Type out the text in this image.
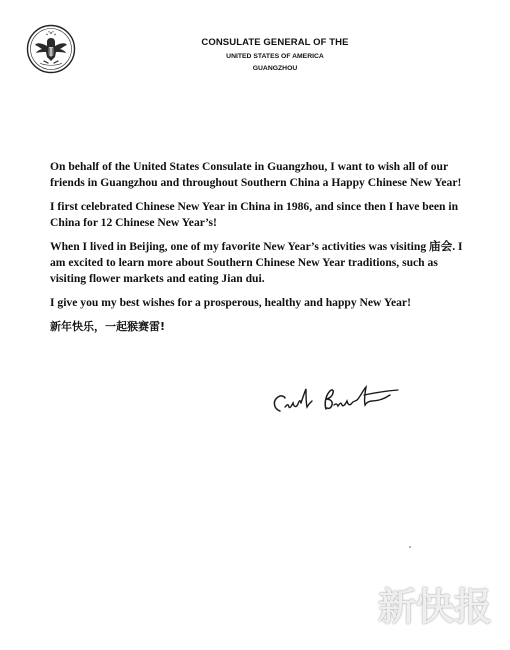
CONSULATE GENERAL OF THE
UNITED STATES OF AMERICA
GUANGZHOU

On behalf of the United States Consulate in Guangzhou, I want to wish all of our friends in Guangzhou and throughout Southern China a Happy Chinese New Year!

I first celebrated Chinese New Year in China in 1986, and since then I have been in China for 12 Chinese New Year’s!

When I lived in Beijing, one of my favorite New Year’s activities was visiting 庙会. I am excited to learn more about Southern Chinese New Year traditions, such as visiting flower markets and eating Jian dui.

I give you my best wishes for a prosperous, healthy and happy New Year!

新年快乐，一起猴赛雷!

新快报
